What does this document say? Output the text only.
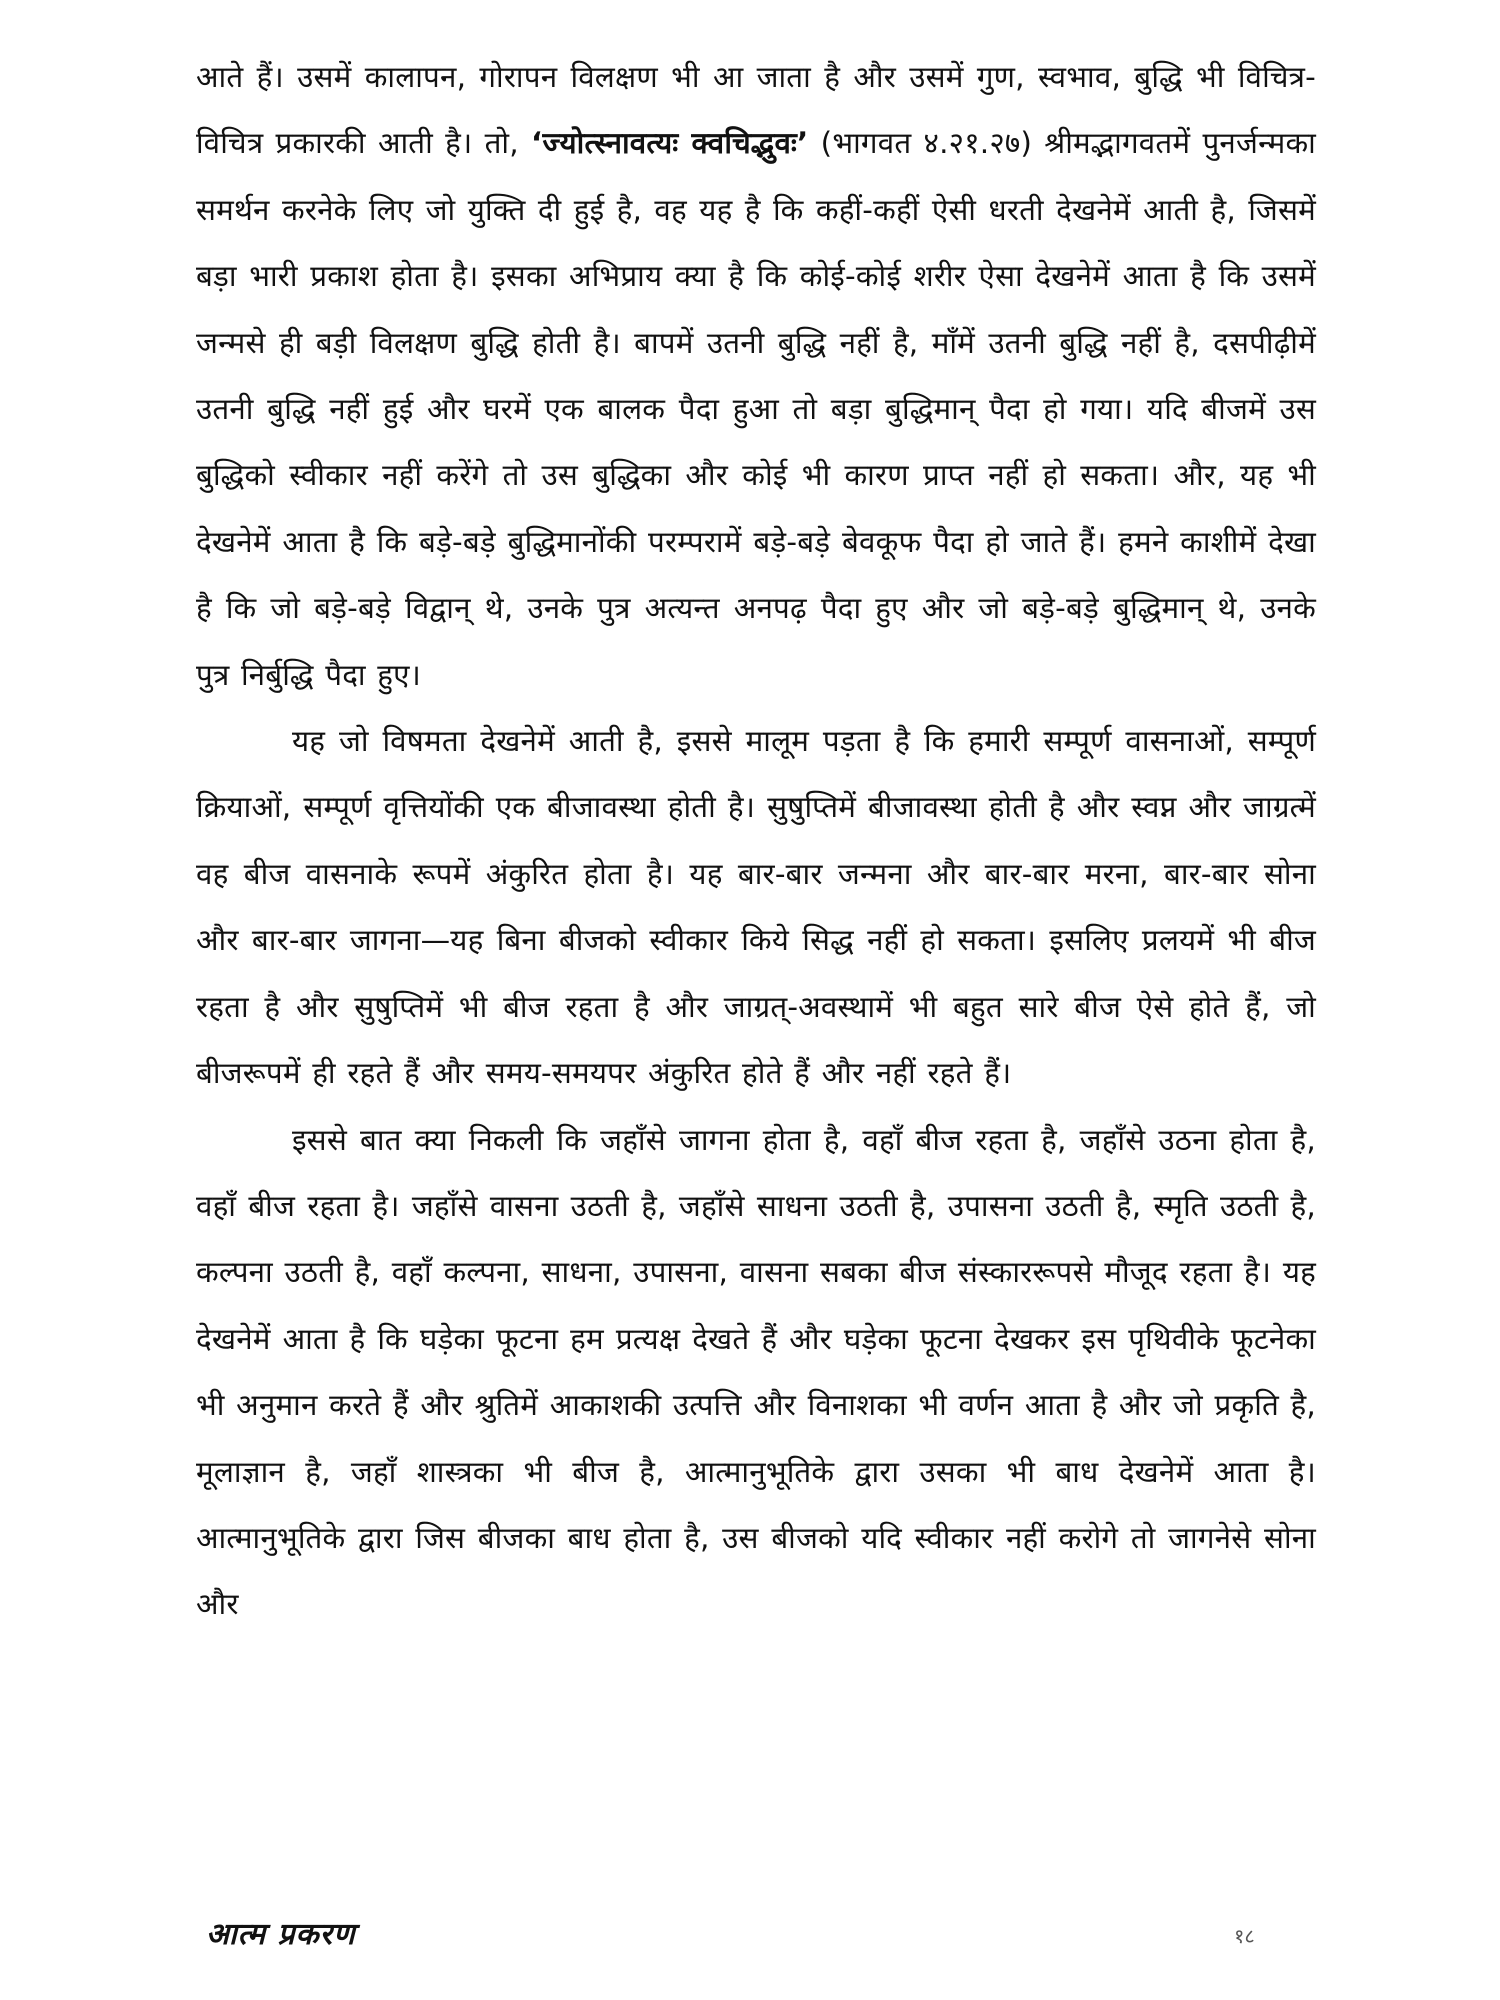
आते हैं। उसमें कालापन, गोरापन विलक्षण भी आ जाता है और उसमें गुण, स्वभाव, बुद्धि भी विचित्र-विचित्र प्रकारकी आती है। तो, ‘ज्योत्स्नावत्यः क्वचिद्भुवः’ (भागवत ४.२१.२७) श्रीमद्भागवतमें पुनर्जन्मका समर्थन करनेके लिए जो युक्ति दी हुई है, वह यह है कि कहीं-कहीं ऐसी धरती देखनेमें आती है, जिसमें बड़ा भारी प्रकाश होता है। इसका अभिप्राय क्या है कि कोई-कोई शरीर ऐसा देखनेमें आता है कि उसमें जन्मसे ही बड़ी विलक्षण बुद्धि होती है। बापमें उतनी बुद्धि नहीं है, माँमें उतनी बुद्धि नहीं है, दसपीढ़ीमें उतनी बुद्धि नहीं हुई और घरमें एक बालक पैदा हुआ तो बड़ा बुद्धिमान् पैदा हो गया। यदि बीजमें उस बुद्धिको स्वीकार नहीं करेंगे तो उस बुद्धिका और कोई भी कारण प्राप्त नहीं हो सकता। और, यह भी देखनेमें आता है कि बड़े-बड़े बुद्धिमानोंकी परम्परामें बड़े-बड़े बेवकूफ पैदा हो जाते हैं। हमने काशीमें देखा है कि जो बड़े-बड़े विद्वान् थे, उनके पुत्र अत्यन्त अनपढ़ पैदा हुए और जो बड़े-बड़े बुद्धिमान् थे, उनके पुत्र निर्बुद्धि पैदा हुए।

यह जो विषमता देखनेमें आती है, इससे मालूम पड़ता है कि हमारी सम्पूर्ण वासनाओं, सम्पूर्ण क्रियाओं, सम्पूर्ण वृत्तियोंकी एक बीजावस्था होती है। सुषुप्तिमें बीजावस्था होती है और स्वप्न और जाग्रत्में वह बीज वासनाके रूपमें अंकुरित होता है। यह बार-बार जन्मना और बार-बार मरना, बार-बार सोना और बार-बार जागना—यह बिना बीजको स्वीकार किये सिद्ध नहीं हो सकता। इसलिए प्रलयमें भी बीज रहता है और सुषुप्तिमें भी बीज रहता है और जाग्रत्-अवस्थामें भी बहुत सारे बीज ऐसे होते हैं, जो बीजरूपमें ही रहते हैं और समय-समयपर अंकुरित होते हैं और नहीं रहते हैं।

इससे बात क्या निकली कि जहाँसे जागना होता है, वहाँ बीज रहता है, जहाँसे उठना होता है, वहाँ बीज रहता है। जहाँसे वासना उठती है, जहाँसे साधना उठती है, उपासना उठती है, स्मृति उठती है, कल्पना उठती है, वहाँ कल्पना, साधना, उपासना, वासना सबका बीज संस्काररूपसे मौजूद रहता है। यह देखनेमें आता है कि घड़ेका फूटना हम प्रत्यक्ष देखते हैं और घड़ेका फूटना देखकर इस पृथिवीके फूटनेका भी अनुमान करते हैं और श्रुतिमें आकाशकी उत्पत्ति और विनाशका भी वर्णन आता है और जो प्रकृति है, मूलाज्ञान है, जहाँ शास्त्रका भी बीज है, आत्मानुभूतिके द्वारा उसका भी बाध देखनेमें आता है। आत्मानुभूतिके द्वारा जिस बीजका बाध होता है, उस बीजको यदि स्वीकार नहीं करोगे तो जागनेसे सोना और

आत्म प्रकरण	१८
